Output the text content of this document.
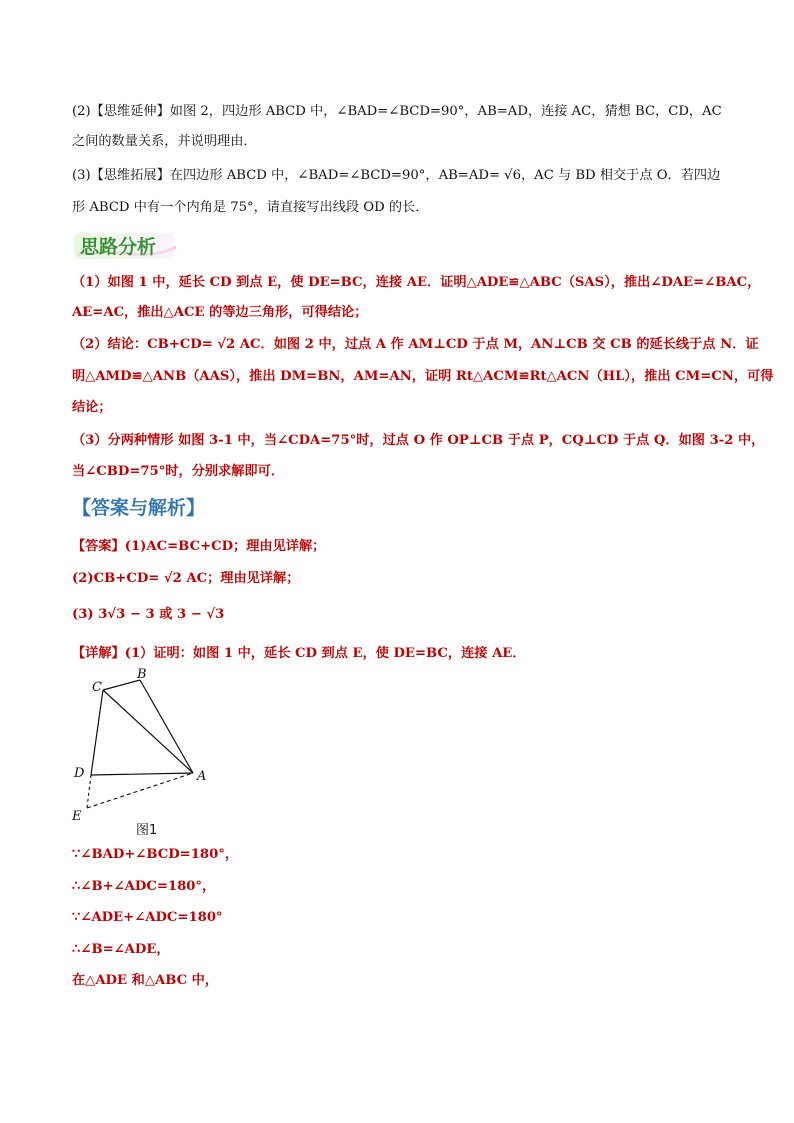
(2)【思维延伸】如图 2，四边形 ABCD 中，∠BAD=∠BCD=90°，AB=AD，连接 AC，猜想 BC，CD，AC
之间的数量关系，并说明理由．
(3)【思维拓展】在四边形 ABCD 中，∠BAD=∠BCD=90°，AB=AD= √6，AC 与 BD 相交于点 O．若四边
形 ABCD 中有一个内角是 75°，请直接写出线段 OD 的长．
思路分析
（1）如图 1 中，延长 CD 到点 E，使 DE=BC，连接 AE．证明△ADE≌△ABC（SAS），推出∠DAE=∠BAC，
AE=AC，推出△ACE 的等边三角形，可得结论；
（2）结论：CB+CD= √2 AC．如图 2 中，过点 A 作 AM⊥CD 于点 M，AN⊥CB 交 CB 的延长线于点 N．证
明△AMD≌△ANB（AAS），推出 DM=BN，AM=AN，证明 Rt△ACM≌Rt△ACN（HL），推出 CM=CN，可得
结论；
（3）分两种情形 如图 3-1 中，当∠CDA=75°时，过点 O 作 OP⊥CB 于点 P，CQ⊥CD 于点 Q．如图 3-2 中，
当∠CBD=75°时，分别求解即可．
【答案与解析】
【答案】(1)AC=BC+CD；理由见详解；
(2)CB+CD= √2 AC；理由见详解；
(3) 3√3 − 3 或 3 − √3
【详解】(1）证明：如图 1 中，延长 CD 到点 E，使 DE=BC，连接 AE．
C
B
A
D
E
图1
∵∠BAD+∠BCD=180°，
∴∠B+∠ADC=180°，
∵∠ADE+∠ADC=180°
∴∠B=∠ADE，
在△ADE 和△ABC 中，
